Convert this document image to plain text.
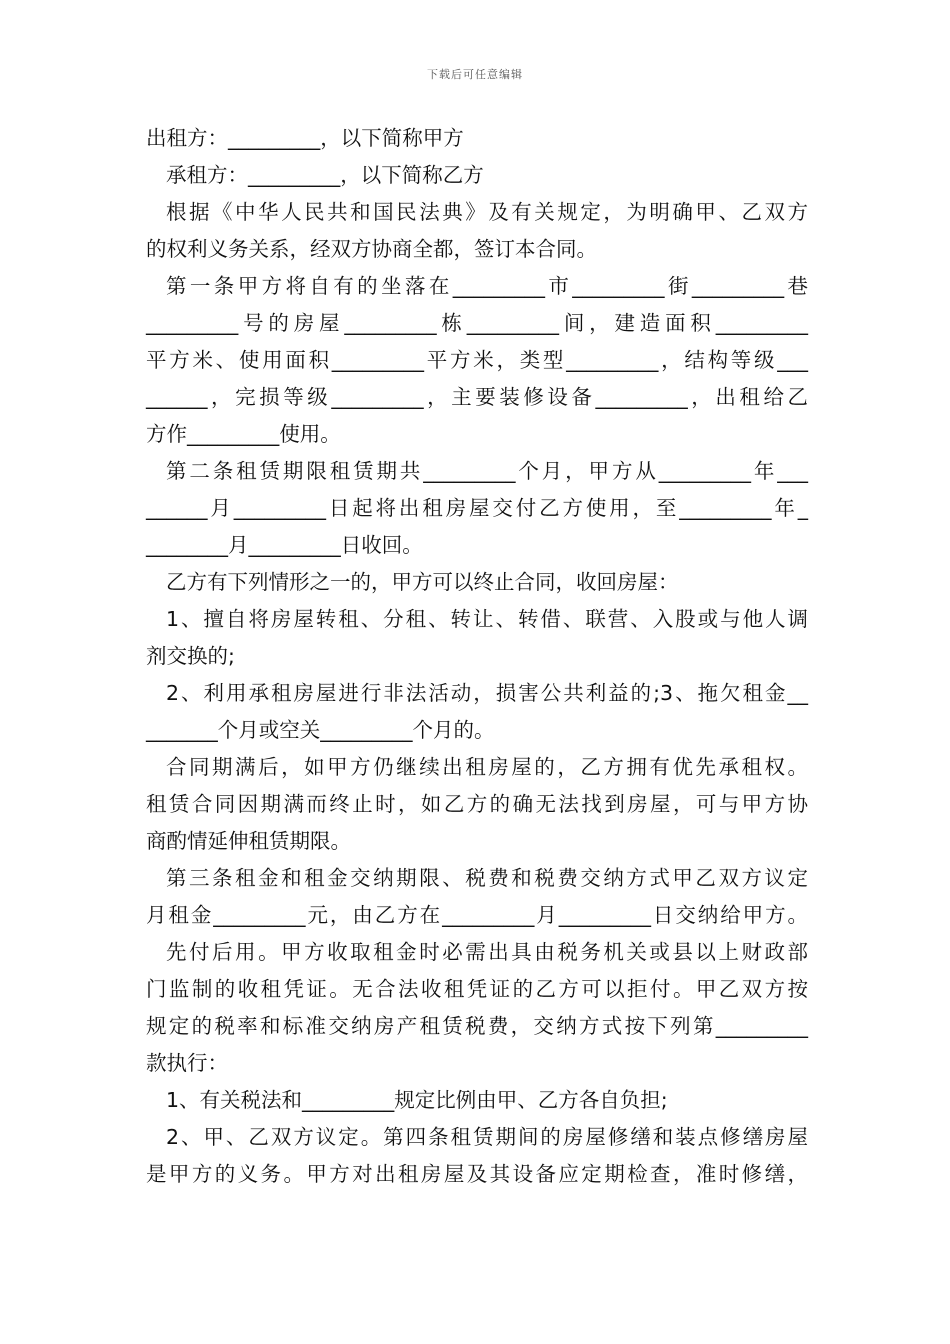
下载后可任意编辑
出租方：_________，以下简称甲方
承租方：_________，以下简称乙方
根据《中华人民共和国民法典》及有关规定，为明确甲、乙双方
的权利义务关系，经双方协商全都，签订本合同。
第一条甲方将自有的坐落在_________市_________街_________巷
_________号的房屋_________栋_________间，建造面积_________
平方米、使用面积_________平方米，类型_________，结构等级___
______，完损等级_________，主要装修设备_________，出租给乙
方作_________使用。
第二条租赁期限租赁期共_________个月，甲方从_________年___
______月_________日起将出租房屋交付乙方使用，至_________年_
________月_________日收回。
乙方有下列情形之一的，甲方可以终止合同，收回房屋：
1、擅自将房屋转租、分租、转让、转借、联营、入股或与他人调
剂交换的;
2、利用承租房屋进行非法活动，损害公共利益的;3、拖欠租金__
_______个月或空关_________个月的。
合同期满后，如甲方仍继续出租房屋的，乙方拥有优先承租权。
租赁合同因期满而终止时，如乙方的确无法找到房屋，可与甲方协
商酌情延伸租赁期限。
第三条租金和租金交纳期限、税费和税费交纳方式甲乙双方议定
月租金_________元，由乙方在_________月_________日交纳给甲方。
先付后用。甲方收取租金时必需出具由税务机关或县以上财政部
门监制的收租凭证。无合法收租凭证的乙方可以拒付。甲乙双方按
规定的税率和标准交纳房产租赁税费，交纳方式按下列第_________
款执行：
1、有关税法和_________规定比例由甲、乙方各自负担;
2、甲、乙双方议定。第四条租赁期间的房屋修缮和装点修缮房屋
是甲方的义务。甲方对出租房屋及其设备应定期检查，准时修缮，
